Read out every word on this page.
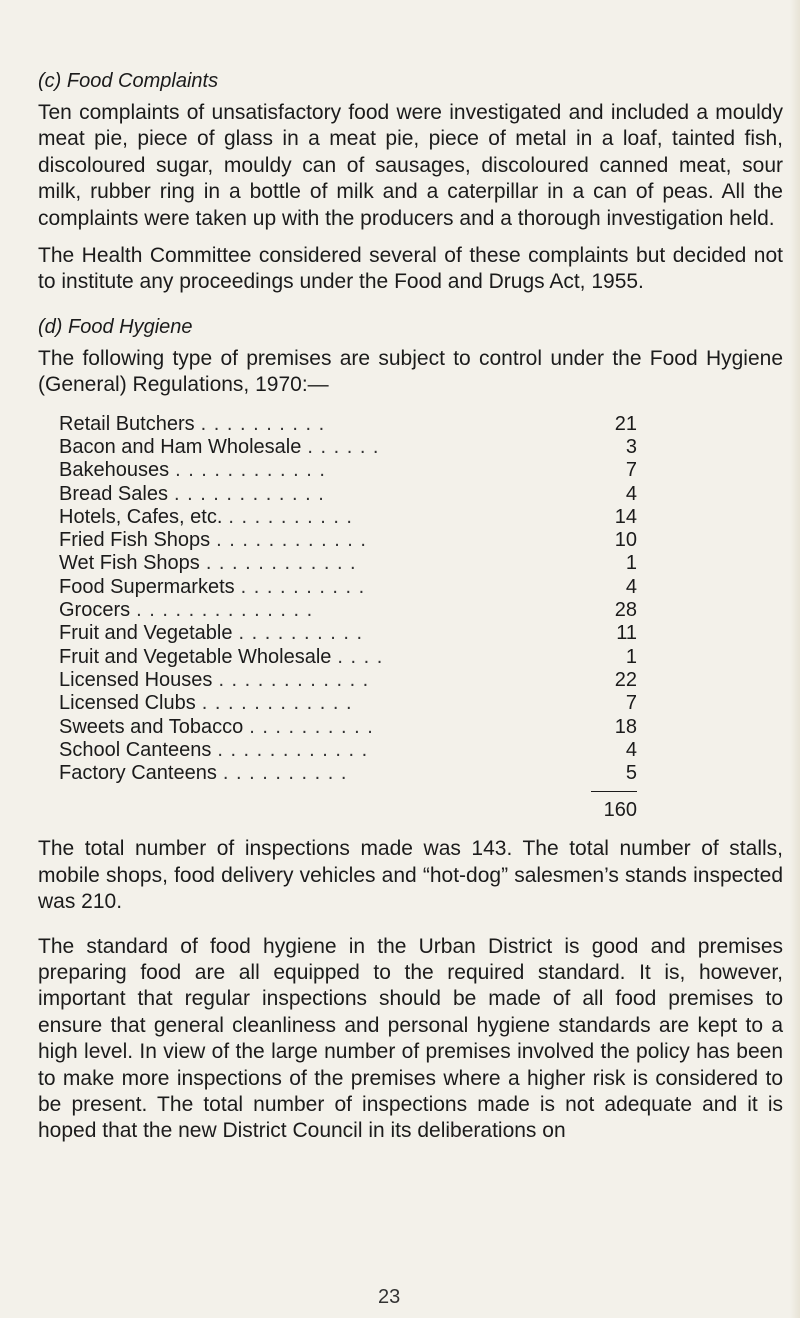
(c) Food Complaints

Ten complaints of unsatisfactory food were investigated and included a mouldy meat pie, piece of glass in a meat pie, piece of metal in a loaf, tainted fish, discoloured sugar, mouldy can of sausages, discoloured canned meat, sour milk, rubber ring in a bottle of milk and a caterpillar in a can of peas. All the complaints were taken up with the producers and a thorough investigation held.

The Health Committee considered several of these complaints but decided not to institute any proceedings under the Food and Drugs Act, 1955.

(d) Food Hygiene

The following type of premises are subject to control under the Food Hygiene (General) Regulations, 1970:—

Retail Butchers . . . . . . . . . .	21
Bacon and Ham Wholesale . . . . . .	3
Bakehouses . . . . . . . . . . . .	7
Bread Sales . . . . . . . . . . . .	4
Hotels, Cafes, etc. . . . . . . . . . .	14
Fried Fish Shops . . . . . . . . . . . .	10
Wet Fish Shops . . . . . . . . . . . .	1
Food Supermarkets . . . . . . . . . .	4
Grocers . . . . . . . . . . . . . .	28
Fruit and Vegetable . . . . . . . . . .	11
Fruit and Vegetable Wholesale . . . .	1
Licensed Houses . . . . . . . . . . . .	22
Licensed Clubs . . . . . . . . . . . .	7
Sweets and Tobacco . . . . . . . . . .	18
School Canteens . . . . . . . . . . . .	4
Factory Canteens . . . . . . . . . .	5
160

The total number of inspections made was 143. The total number of stalls, mobile shops, food delivery vehicles and “hot-dog” salesmen’s stands inspected was 210.

The standard of food hygiene in the Urban District is good and premises preparing food are all equipped to the required standard. It is, however, important that regular inspections should be made of all food premises to ensure that general cleanliness and personal hygiene standards are kept to a high level. In view of the large number of premises involved the policy has been to make more inspections of the premises where a higher risk is considered to be present. The total number of inspections made is not adequate and it is hoped that the new District Council in its deliberations on

23
